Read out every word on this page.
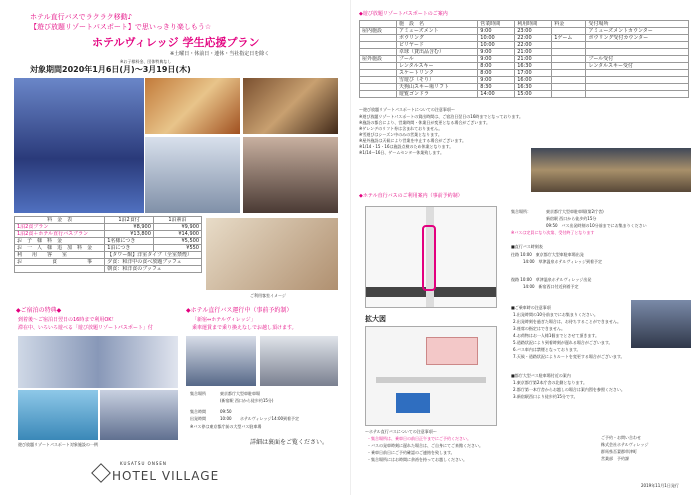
ホテル直行バスでラクラク移動♪
【遊び放題リゾートパスポート】で思いっきり楽しもう☆
ホテルヴィレッジ 学生応援プラン
※土曜日・休前日・連休・当社指定日を除く
※お子様料金、団体特典なし
対象期間2020年1月6日(月)～3月19日(木)
料　金　表	1泊2食付	1泊素泊
1泊2食プラン	¥8,900	¥9,900
1泊2食＋ホテル直行バスプラン	¥13,800	¥14,900
お　子　様　料　金	1名様につき	¥5,500
お　一　人　様　追　加　料　金	1泊につき	¥550
利　　用　　客　　室	【タワー館】洋室タイプ（全室禁煙）	
お　　　　　　食　　　　　　事	夕食：和洋中の食べ放題ブッフェ	
	朝食：和洋食のブッフェ	
ご利用客室イメージ
◆ご宿泊の特典◆
到着後～ご宿泊日翌日の16時まで利用OK！
滞在中、いろいろ遊べる「遊び放題リゾートパスポート」付
遊び放題リゾートパスポート対象施設の一例
◆ホテル直行バス運行中（事前予約制）
「新宿⇔ホテルヴィレッジ」
乗車運賃まで乗り換えなしでお越し頂けます。
集合場所	東京都庁大型車駐車場
(新宿駅 西口から徒歩約15分)
集合時間	09:50
出発時間	10:00 ホテルヴィレッジ14:00到着予定
※バス停は東京都庁前の大型バス駐車場
詳細は裏面をご覧ください。
KUSATSU ONSEN
HOTEL VILLAGE
◆遊び放題リゾートパスポートのご案内
	施　設　名	営業時間	利用時間	料金	受付場所
屋内施設	アミューズメント	9:00	23:00		アミューズメントカウンター
	ボウリング	10:00	22:00	1ゲーム	ボウリング受付カウンター
	ビリヤード	10:00	22:00		
	卓球（貸出品含む）	9:00	21:00		
屋外施設	プール	9:00	21:00		プール受付
	レンタルスキー	8:00	16:30		レンタルスキー受付
	スケートリンク	8:00	17:00		
	雪遊び（そり）	9:00	16:00		
	天狗山スキー場リフト	8:30	16:30		
	遊覧ゴンドラ	14:00	15:00		
～遊び放題リゾートパスポートについての注意事項～
※遊び放題リゾートパスポートの貸出時間は、ご宿泊日翌日の16時までとなっております。
※施設の都合により、営業時間・休業日が変更となる場合がございます。
※ゲレンデのリフト券は含まれておりません。
※雪遊びはシーズン中のみの営業となります。
※屋外施設は天候により営業を中止する場合がございます。
※1/14・15・16は施設点検のため休業となります。
※1/14～16日、ゲームセンター休業致します。
◆ホテル直行バスのご利用案内（事前予約制）
拡大図
集合場所：	東京都庁大型車駐車場(第2庁舎)
新宿駅 西口から徒歩約15分
09:50　バス出発時刻の10分前までにお集まりください
※バスは定員になり次第、受付終了となります
■直行バス時刻表
往路 10:00　東京都庁大型車駐車場出発
14:00　草津温泉ホテルヴィレッジ到着予定
復路 10:00　草津温泉ホテルヴィレッジ出発
14:00　新宿西口付近到着予定
■ご乗車時の注意事項
1.出発時間の10分前までにお集まりください。
2.出発時刻を過ぎた場合は、お待ちすることができません。
3.座席の指定はできません。
4.お荷物はお一人様1個までとさせて頂きます。
5.道路状況により到着時刻が遅れる場合がございます。
6.バス車内は禁煙となっております。
7.天候・道路状況によりルートを変更する場合がございます。
■都庁大型バス駐車場付近の案内
1.東京都庁第2本庁舎の北側となります。
2.都庁第一本庁舎からお越しの場合は案内図を参照ください。
3.新宿駅西口より徒歩約15分です。
～ホテル直行バスについての注意事項～
・集合場所は、乗車日の前日正午までにご予約ください。
・バスの発車時刻に遅れた場合は、ご自身にてご来館ください。
・乗車日前日にご予約確認のご連絡を致します。
・集合場所にはお時間に余裕を持ってお越しください。
ご予約・お問い合わせ
株式会社ホテルヴィレッジ
群馬県吾妻郡草津町
営業部　予約課
2019年11月1日発行
